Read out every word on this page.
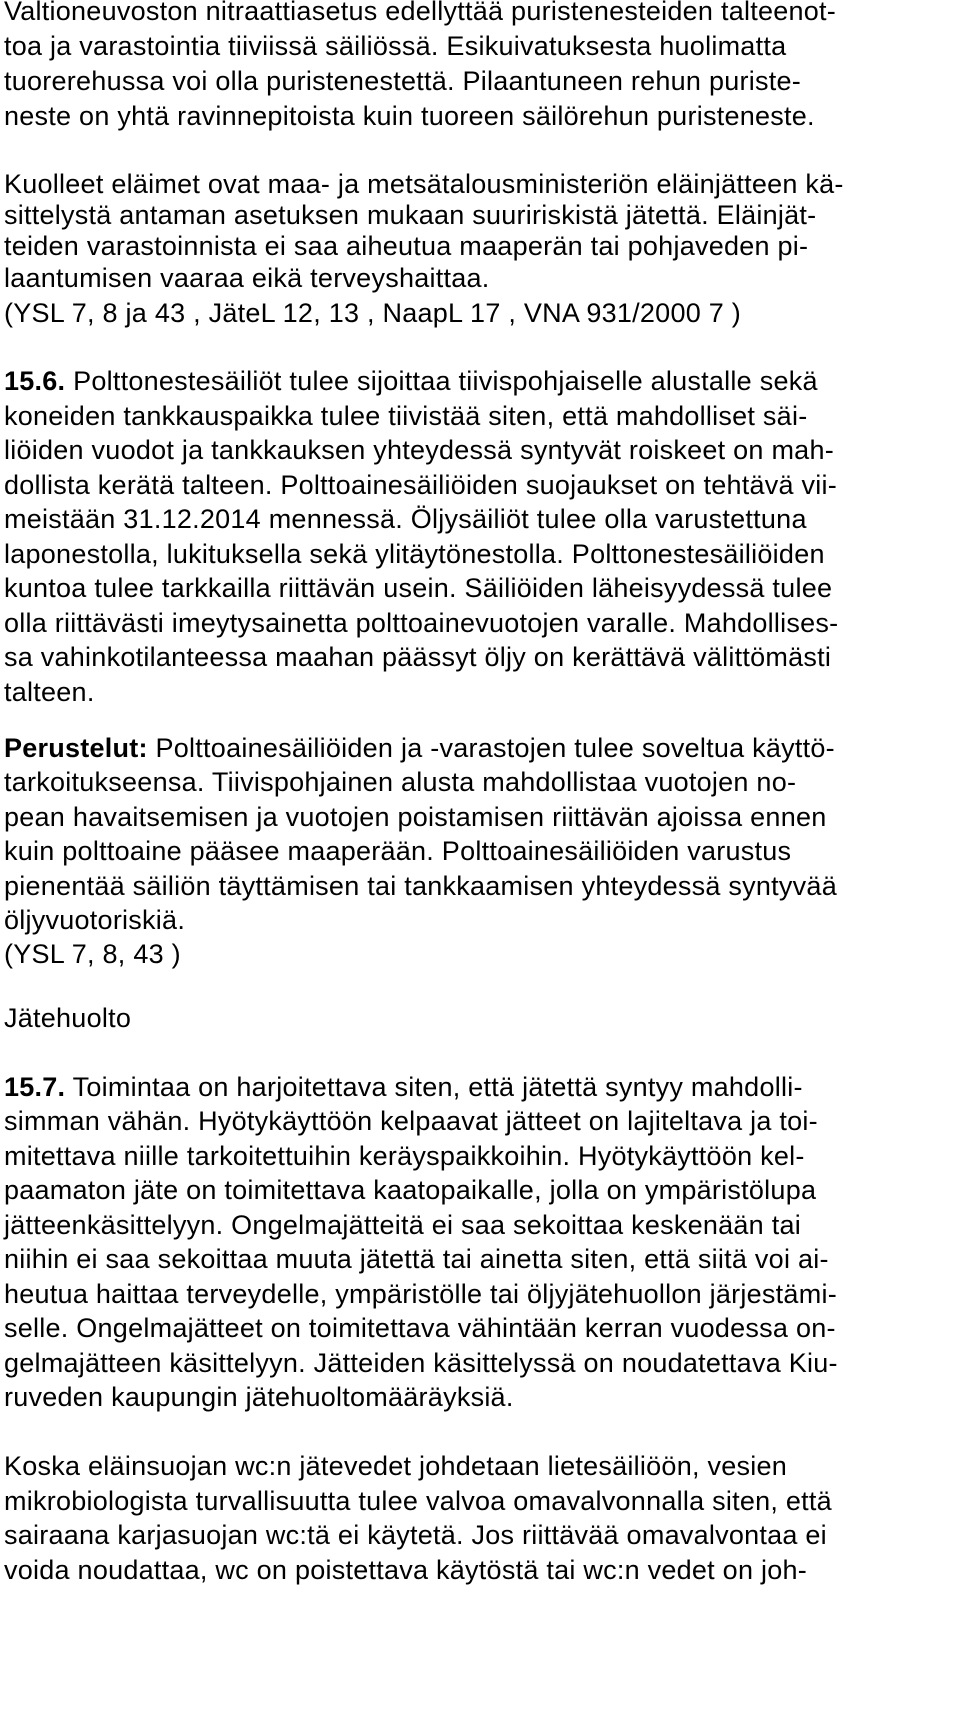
Valtioneuvoston nitraattiasetus edellyttää puristenesteiden talteenot-
toa ja varastointia tiiviissä säiliössä. Esikuivatuksesta huolimatta
tuorerehussa voi olla puristenestettä. Pilaantuneen rehun puriste-
neste on yhtä ravinnepitoista kuin tuoreen säilörehun puristeneste.
Kuolleet eläimet ovat maa- ja metsätalousministeriön eläinjätteen kä-
sittelystä antaman asetuksen mukaan suuririskistä jätettä. Eläinjät-
teiden varastoinnista ei saa aiheutua maaperän tai pohjaveden pi-
laantumisen vaaraa eikä terveyshaittaa.
(YSL 7, 8 ja 43 , JäteL 12, 13 , NaapL 17 , VNA 931/2000 7 )
15.6. Polttonestesäiliöt tulee sijoittaa tiivispohjaiselle alustalle sekä
koneiden tankkauspaikka tulee tiivistää siten, että mahdolliset säi-
liöiden vuodot ja tankkauksen yhteydessä syntyvät roiskeet on mah-
dollista kerätä talteen. Polttoainesäiliöiden suojaukset on tehtävä vii-
meistään 31.12.2014 mennessä. Öljysäiliöt tulee olla varustettuna
laponestolla, lukituksella sekä ylitäytönestolla. Polttonestesäiliöiden
kuntoa tulee tarkkailla riittävän usein. Säiliöiden läheisyydessä tulee
olla riittävästi imeytysainetta polttoainevuotojen varalle. Mahdollises-
sa vahinkotilanteessa maahan päässyt öljy on kerättävä välittömästi
talteen.
Perustelut: Polttoainesäiliöiden ja -varastojen tulee soveltua käyttö-
tarkoitukseensa. Tiivispohjainen alusta mahdollistaa vuotojen no-
pean havaitsemisen ja vuotojen poistamisen riittävän ajoissa ennen
kuin polttoaine pääsee maaperään. Polttoainesäiliöiden varustus
pienentää säiliön täyttämisen tai tankkaamisen yhteydessä syntyvää
öljyvuotoriskiä.
(YSL 7, 8, 43 )
Jätehuolto
15.7. Toimintaa on harjoitettava siten, että jätettä syntyy mahdolli-
simman vähän. Hyötykäyttöön kelpaavat jätteet on lajiteltava ja toi-
mitettava niille tarkoitettuihin keräyspaikkoihin. Hyötykäyttöön kel-
paamaton jäte on toimitettava kaatopaikalle, jolla on ympäristölupa
jätteenkäsittelyyn. Ongelmajätteitä ei saa sekoittaa keskenään tai
niihin ei saa sekoittaa muuta jätettä tai ainetta siten, että siitä voi ai-
heutua haittaa terveydelle, ympäristölle tai öljyjätehuollon järjestämi-
selle. Ongelmajätteet on toimitettava vähintään kerran vuodessa on-
gelmajätteen käsittelyyn. Jätteiden käsittelyssä on noudatettava Kiu-
ruveden kaupungin jätehuoltomääräyksiä.
Koska eläinsuojan wc:n jätevedet johdetaan lietesäiliöön, vesien
mikrobiologista turvallisuutta tulee valvoa omavalvonnalla siten, että
sairaana karjasuojan wc:tä ei käytetä. Jos riittävää omavalvontaa ei
voida noudattaa, wc on poistettava käytöstä tai wc:n vedet on joh-
